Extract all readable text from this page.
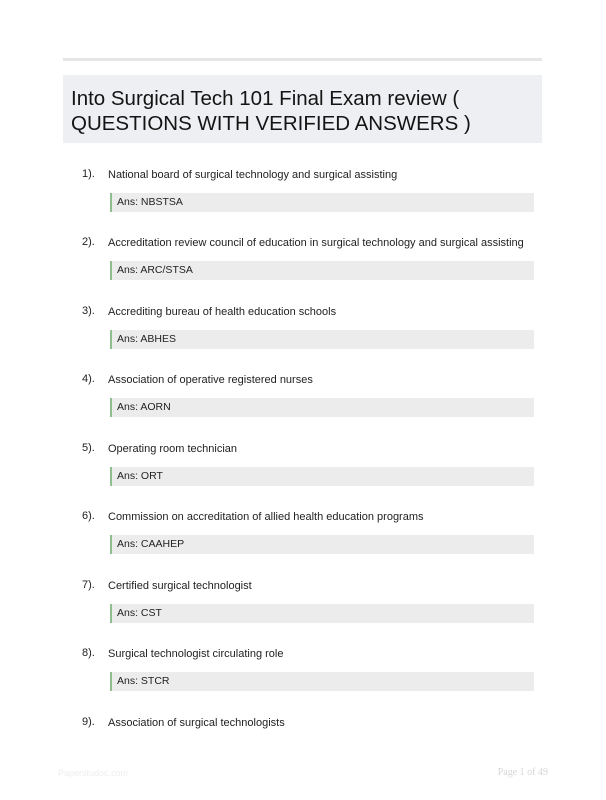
Into Surgical Tech 101 Final Exam review ( QUESTIONS WITH VERIFIED ANSWERS )
1). National board of surgical technology and surgical assisting
Ans: NBSTSA
2). Accreditation review council of education in surgical technology and surgical assisting
Ans: ARC/STSA
3). Accrediting bureau of health education schools
Ans: ABHES
4). Association of operative registered nurses
Ans: AORN
5). Operating room technician
Ans: ORT
6). Commission on accreditation of allied health education programs
Ans: CAAHEP
7). Certified surgical technologist
Ans: CST
8). Surgical technologist circulating role
Ans: STCR
9). Association of surgical technologists
Paperstudoc.com	Page 1 of 49
